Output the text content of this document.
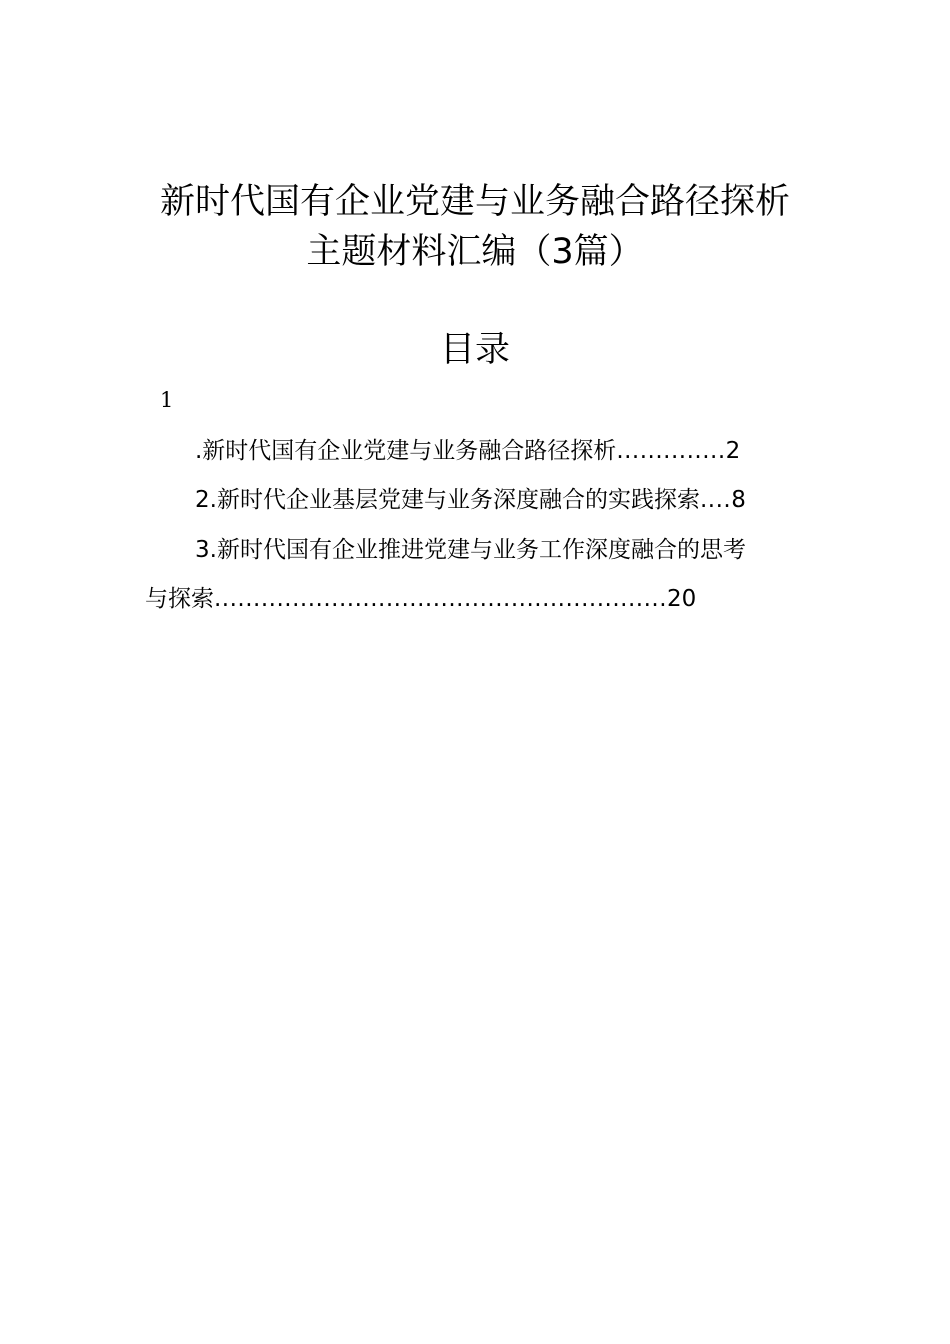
新时代国有企业党建与业务融合路径探析
主题材料汇编（3篇）
目录
1
.新时代国有企业党建与业务融合路径探析 .............. 2
2.新时代企业基层党建与业务深度融合的实践探索 .... 8
3.新时代国有企业推进党建与业务工作深度融合的思考
与探索 .......................................................... 20
